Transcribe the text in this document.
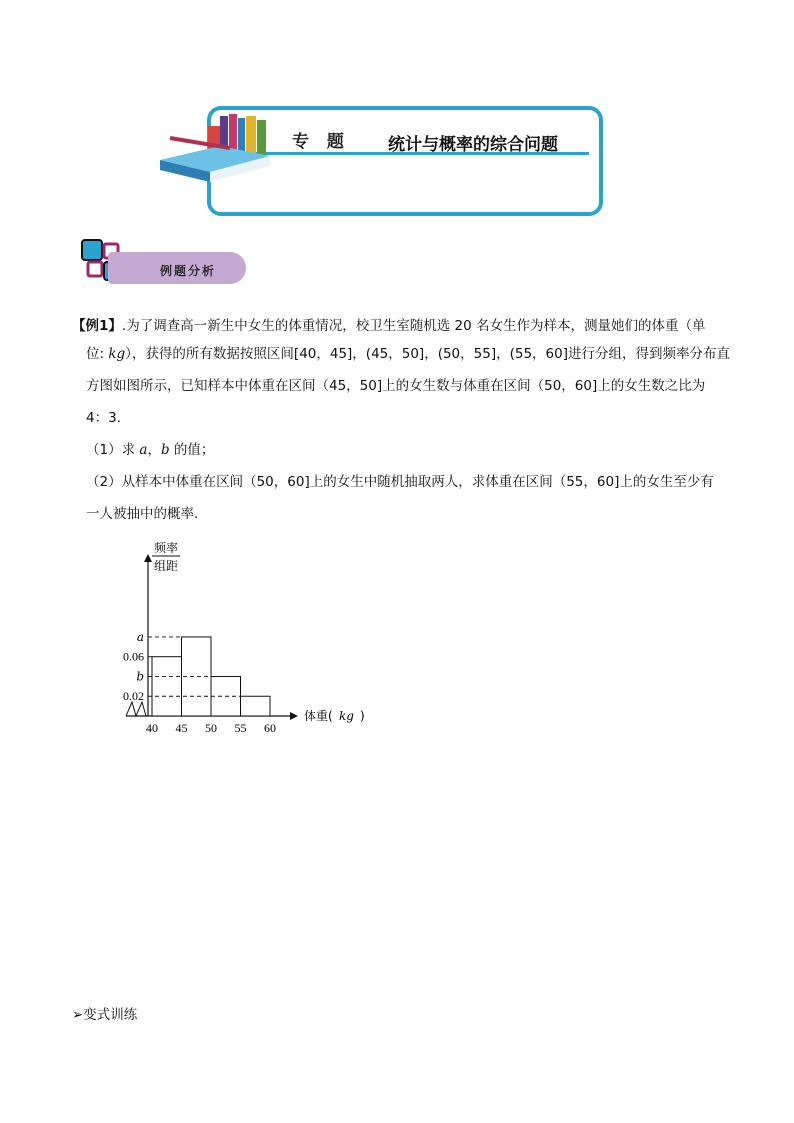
专 题 统计与概率的综合问题
例题分析
【例1】.为了调查高一新生中女生的体重情况，校卫生室随机选 20 名女生作为样本，测量她们的体重（单
位: kg），获得的所有数据按照区间[40，45]，(45，50]，(50，55]，(55，60]进行分组，得到频率分布直
方图如图所示，已知样本中体重在区间（45，50]上的女生数与体重在区间（50，60]上的女生数之比为
4：3．
（1）求 a，b 的值；
（2）从样本中体重在区间（50，60]上的女生中随机抽取两人，求体重在区间（55，60]上的女生至少有
一人被抽中的概率．
a
0.06
b
0.02
40 45 50 55 60
频率
组距
体重( kg )
➢变式训练
